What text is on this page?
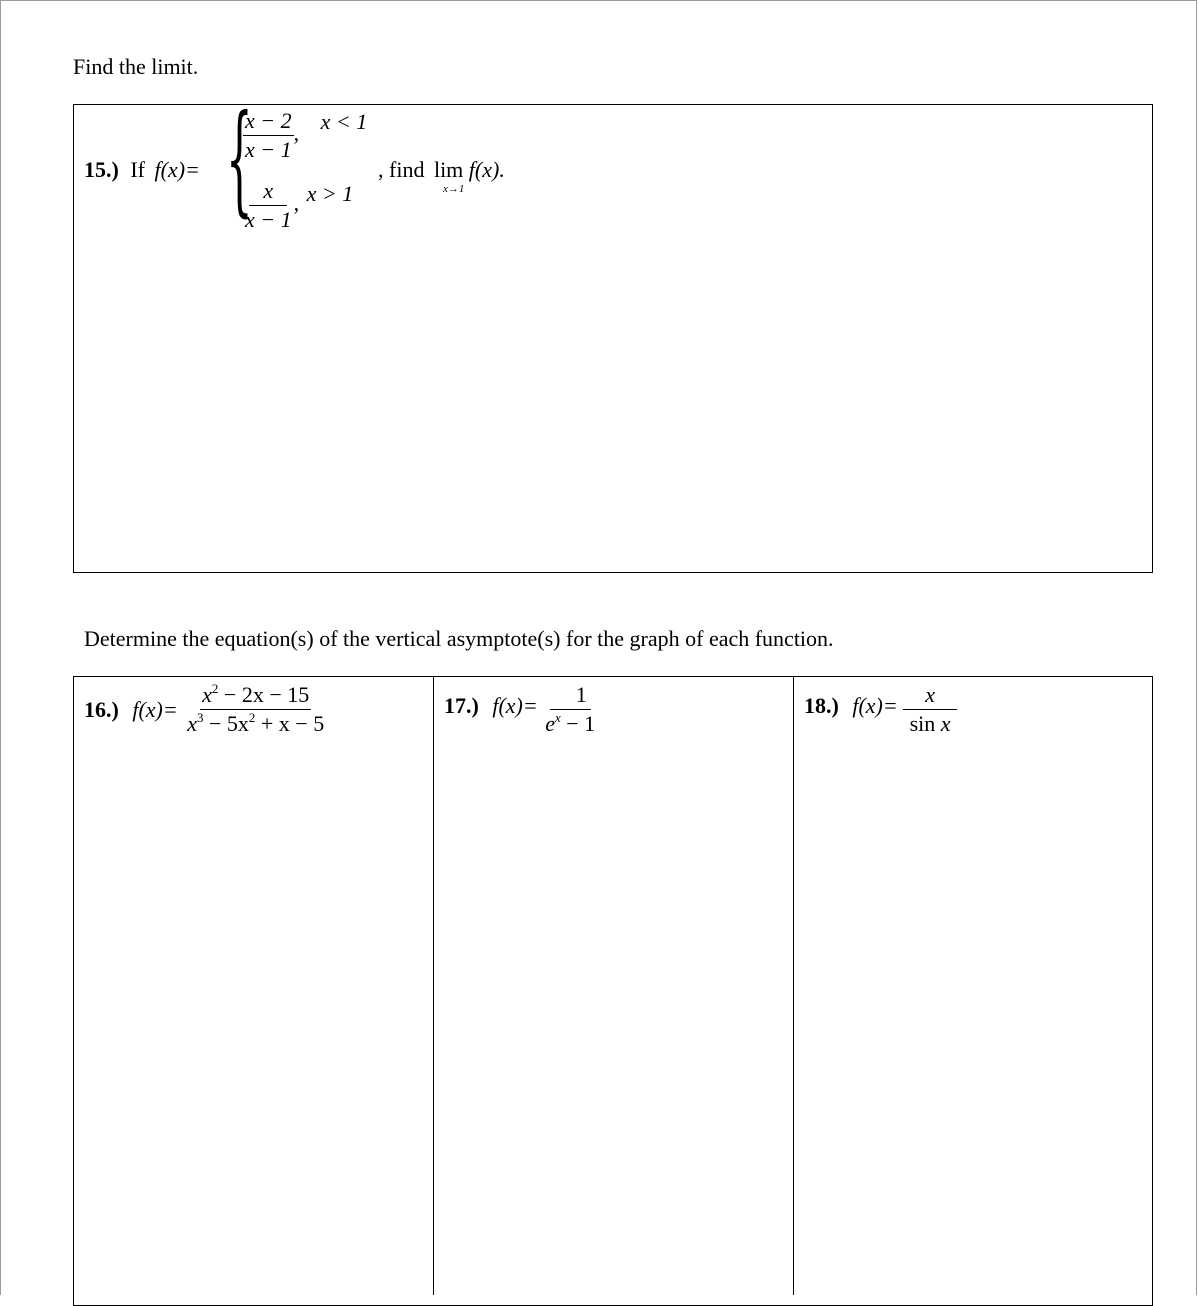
Find the limit.
15.) If f(x)= {
$\frac{x - 2}{x - 1}$ , x < 1
$\frac{x}{x - 1}$ , x > 1
, find lim f(x).
x→1
Determine the equation(s) of the vertical asymptote(s) for the graph of each function.
16.) $f(x)= \frac{x^2 - 2x - 15}{x^3 - 5x^2 + x - 5}$	17.) $f(x)= \frac{1}{e^x - 1}$	18.) $f(x)= \frac{x}{\text{sin x}}$
